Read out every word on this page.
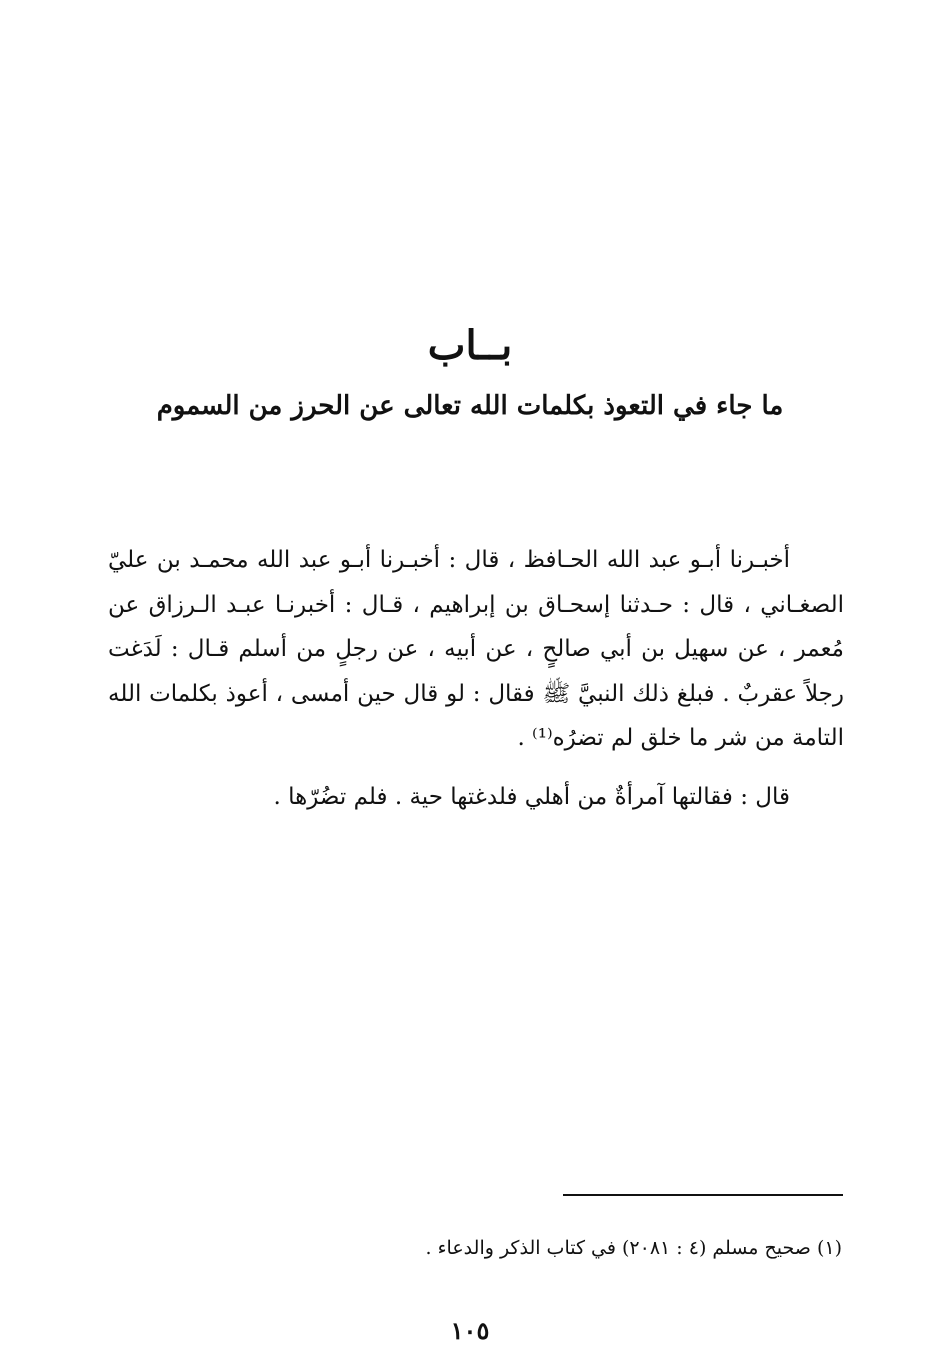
بــاب
ما جاء في التعوذ بكلمات الله تعالى عن الحرز من السموم

أخبـرنا أبـو عبد الله الحـافظ ، قال : أخبـرنا أبـو عبد الله محمـد بن عليّ الصغـاني ، قال : حـدثنا إسحـاق بن إبراهيم ، قـال : أخبرنـا عبـد الـرزاق عن مُعمر ، عن سهيل بن أبي صالحٍ ، عن أبيه ، عن رجلٍ من أسلم قـال : لَدَغت رجلاً عقربٌ . فبلغ ذلك النبيَّ ﷺ فقال : لو قال حين أمسى ، أعوذ بكلمات الله التامة من شر ما خلق لم تضرُه⁽¹⁾ .

قال : فقالتها آمرأةٌ من أهلي فلدغتها حية . فلم تضُرّها .

(١) صحيح مسلم (٤ : ٢٠٨١) في كتاب الذكر والدعاء .
١٠٥
